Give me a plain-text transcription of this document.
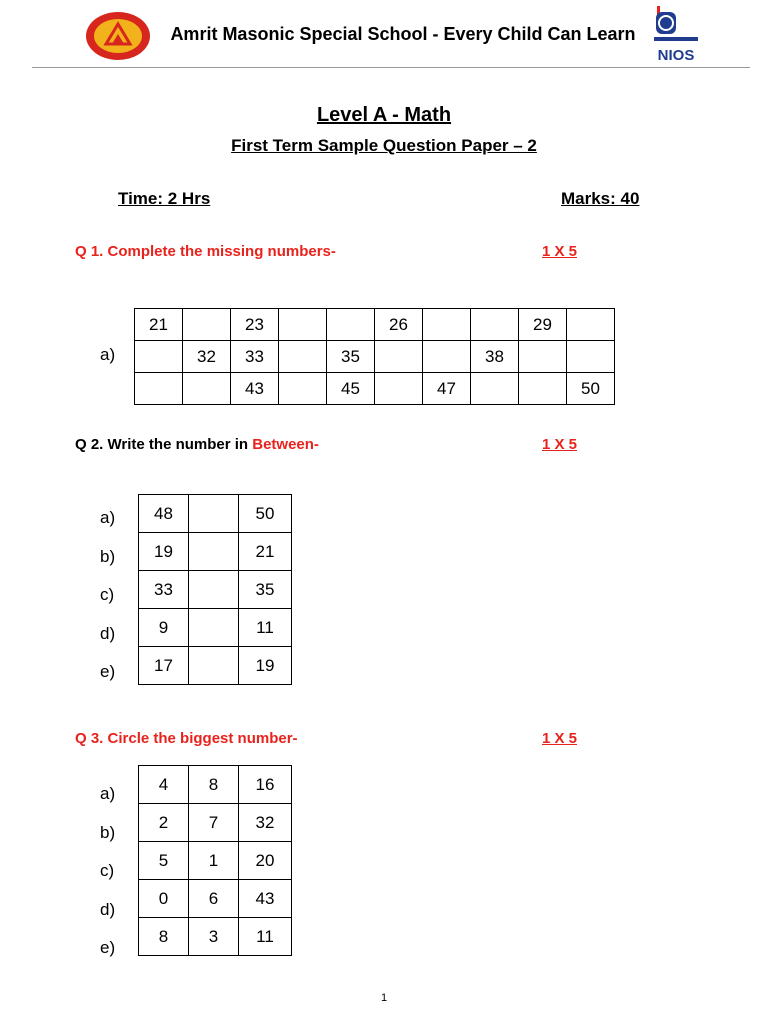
Amrit Masonic Special School - Every Child Can Learn
NIOS
Level A - Math
First Term Sample Question Paper – 2
Time: 2 Hrs	Marks: 40
Q 1. Complete the missing numbers-	1 X 5
a)
21		23			26			29	
	32	33		35			38		
		43		45		47			50
Q 2. Write the number in Between-	1 X 5
a)
b)
c)
d)
e)
48		50
19		21
33		35
9		11
17		19
Q 3. Circle the biggest number-	1 X 5
a)
b)
c)
d)
e)
4	8	16
2	7	32
5	1	20
0	6	43
8	3	11
1
